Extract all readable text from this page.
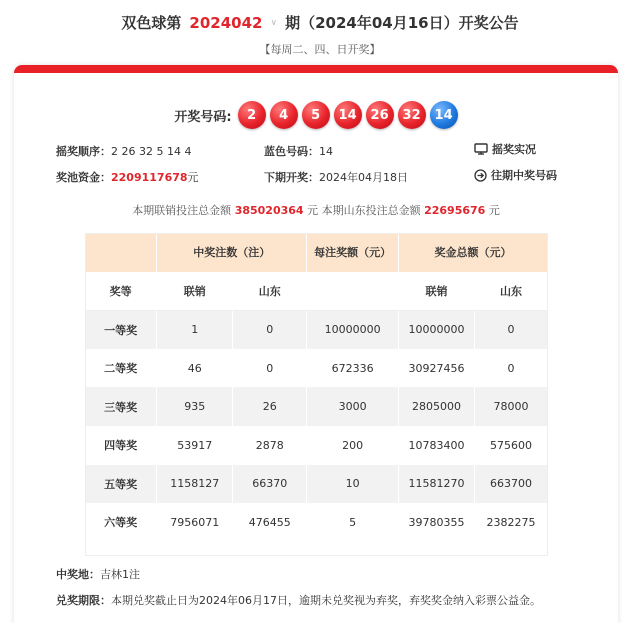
双色球第 2024042 ∨ 期（2024年04月16日）开奖公告
【每周二、四、日开奖】
开奖号码:	2	4	5	14	26	32	14
摇奖顺序：2 26 32 5 14 4	蓝色号码：14	摇奖实况
奖池资金：2209117678元	下期开奖：2024年04月18日	往期中奖号码
本期联销投注总金额 385020364 元 本期山东投注总金额 22695676 元
	中奖注数（注）		每注奖额（元）	奖金总额（元）	
奖等	联销	山东		联销	山东
一等奖	1	0	10000000	10000000	0
二等奖	46	0	672336	30927456	0
三等奖	935	26	3000	2805000	78000
四等奖	53917	2878	200	10783400	575600
五等奖	1158127	66370	10	11581270	663700
六等奖	7956071	476455	5	39780355	2382275
中奖地：吉林1注
兑奖期限：本期兑奖截止日为2024年06月17日，逾期未兑奖视为弃奖，弃奖奖金纳入彩票公益金。
